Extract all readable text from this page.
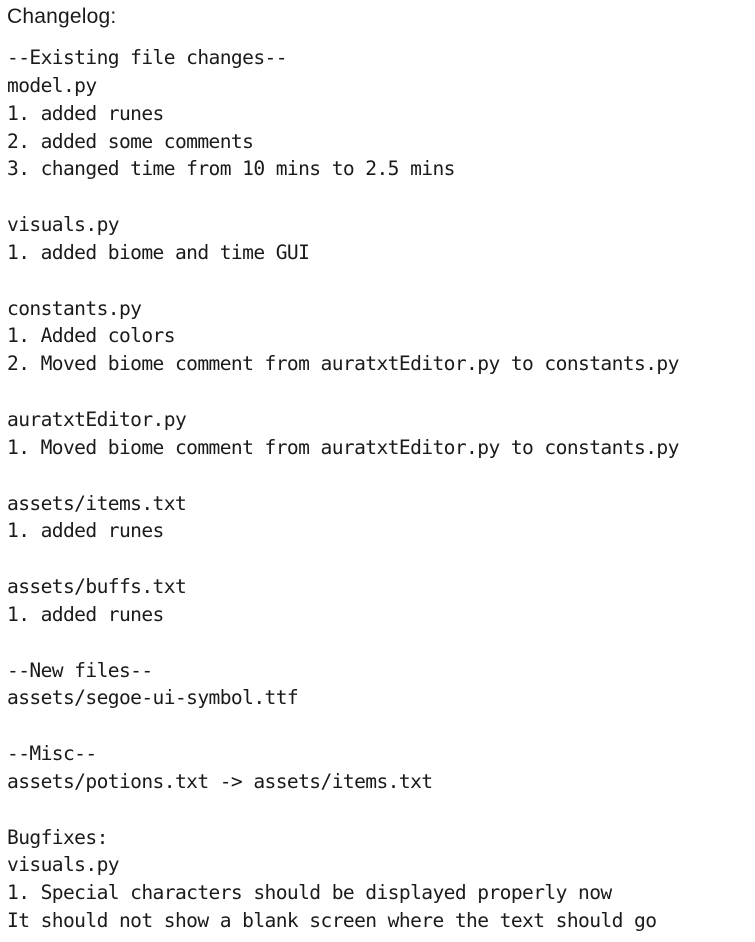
Changelog:
--Existing file changes--
model.py
1. added runes
2. added some comments
3. changed time from 10 mins to 2.5 mins
visuals.py
1. added biome and time GUI
constants.py
1. Added colors
2. Moved biome comment from auratxtEditor.py to constants.py
auratxtEditor.py
1. Moved biome comment from auratxtEditor.py to constants.py
assets/items.txt
1. added runes
assets/buffs.txt
1. added runes
--New files--
assets/segoe-ui-symbol.ttf
--Misc--
assets/potions.txt -> assets/items.txt
Bugfixes:
visuals.py
1. Special characters should be displayed properly now
It should not show a blank screen where the text should go
